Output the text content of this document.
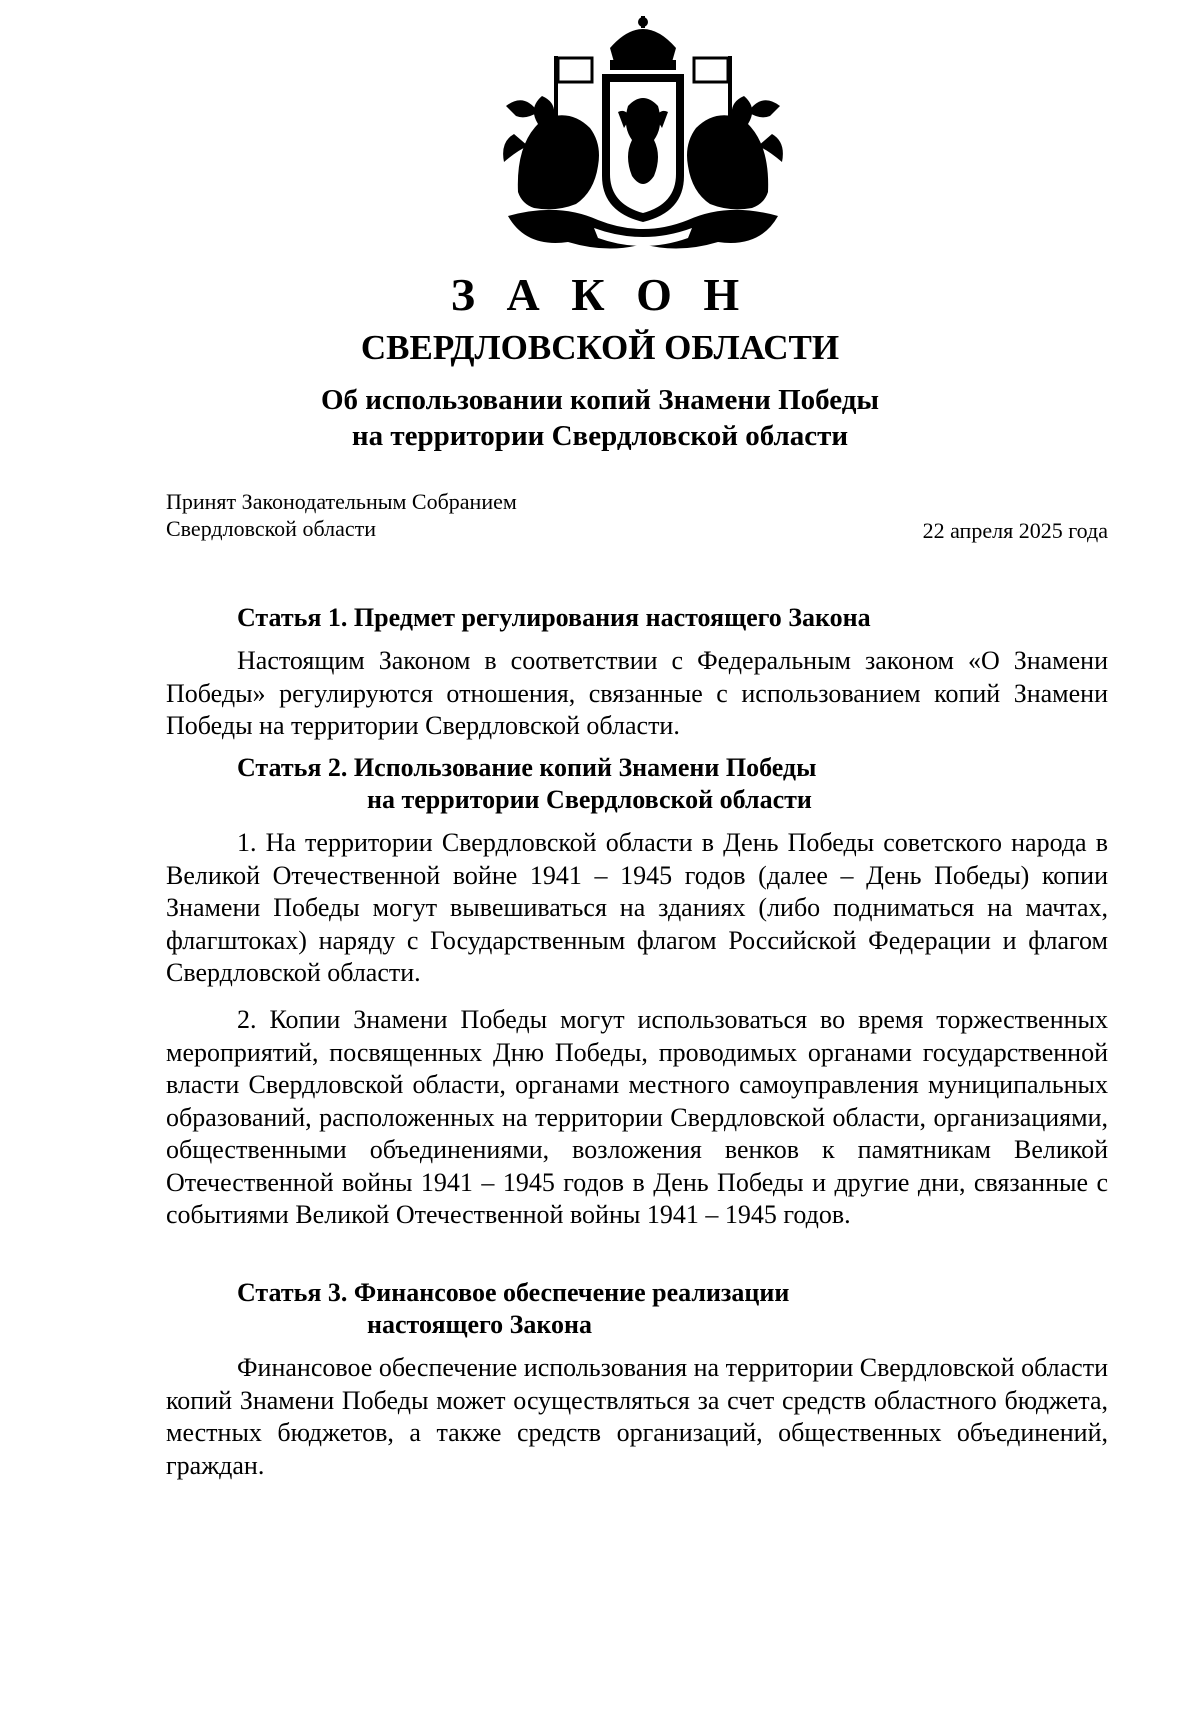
З А К О Н
СВЕРДЛОВСКОЙ ОБЛАСТИ
Об использовании копий Знамени Победы
на территории Свердловской области
Принят Законодательным Собранием
Свердловской области	22 апреля 2025 года
Статья 1. Предмет регулирования настоящего Закона

Настоящим Законом в соответствии с Федеральным законом «О Знамени Победы» регулируются отношения, связанные с использованием копий Знамени Победы на территории Свердловской области.

Статья 2. Использование копий Знамени Победы
на территории Свердловской области

1. На территории Свердловской области в День Победы советского народа в Великой Отечественной войне 1941 – 1945 годов (далее – День Победы) копии Знамени Победы могут вывешиваться на зданиях (либо подниматься на мачтах, флагштоках) наряду с Государственным флагом Российской Федерации и флагом Свердловской области.

2. Копии Знамени Победы могут использоваться во время торжественных мероприятий, посвященных Дню Победы, проводимых органами государственной власти Свердловской области, органами местного самоуправления муниципальных образований, расположенных на территории Свердловской области, организациями, общественными объединениями, возложения венков к памятникам Великой Отечественной войны 1941 – 1945 годов в День Победы и другие дни, связанные с событиями Великой Отечественной войны 1941 – 1945 годов.

Статья 3. Финансовое обеспечение реализации
настоящего Закона

Финансовое обеспечение использования на территории Свердловской области копий Знамени Победы может осуществляться за счет средств областного бюджета, местных бюджетов, а также средств организаций, общественных объединений, граждан.
